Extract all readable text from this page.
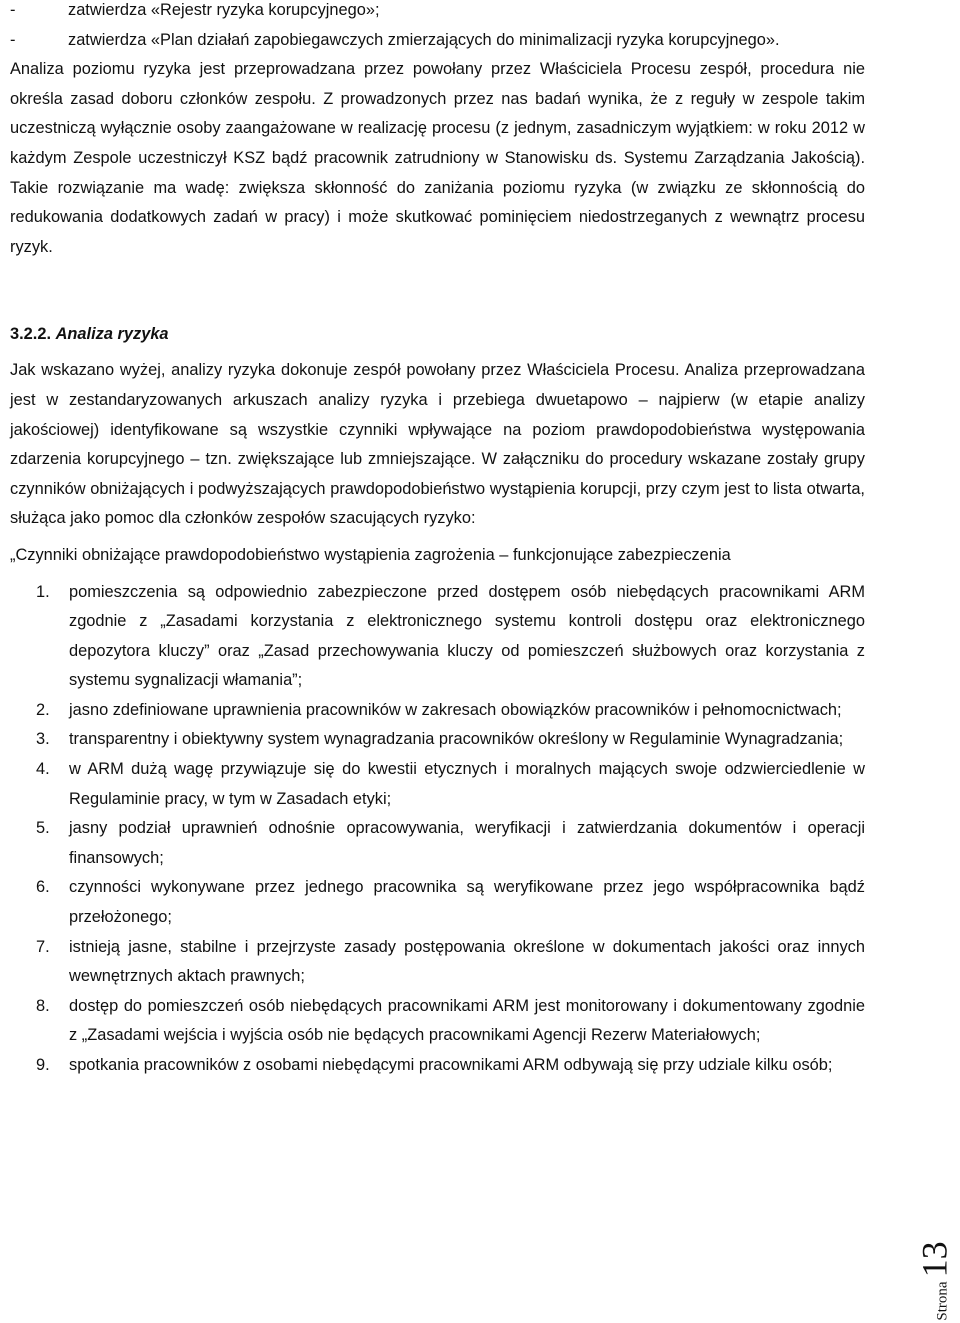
-	zatwierdza «Rejestr ryzyka korupcyjnego»;
-	zatwierdza «Plan działań zapobiegawczych zmierzających do minimalizacji ryzyka korupcyjnego».

Analiza poziomu ryzyka jest przeprowadzana przez powołany przez Właściciela Procesu zespół, procedura nie określa zasad doboru członków zespołu. Z prowadzonych przez nas badań wynika, że z reguły w zespole takim uczestniczą wyłącznie osoby zaangażowane w realizację procesu (z jednym, zasadniczym wyjątkiem: w roku 2012 w każdym Zespole uczestniczył KSZ bądź pracownik zatrudniony w Stanowisku ds. Systemu Zarządzania Jakością). Takie rozwiązanie ma wadę: zwiększa skłonność do zaniżania poziomu ryzyka (w związku ze skłonnością do redukowania dodatkowych zadań w pracy) i może skutkować pominięciem niedostrzeganych z wewnątrz procesu ryzyk.

3.2.2. Analiza ryzyka

Jak wskazano wyżej, analizy ryzyka dokonuje zespół powołany przez Właściciela Procesu. Analiza przeprowadzana jest w zestandaryzowanych arkuszach analizy ryzyka i przebiega dwuetapowo – najpierw (w etapie analizy jakościowej) identyfikowane są wszystkie czynniki wpływające na poziom prawdopodobieństwa występowania zdarzenia korupcyjnego – tzn. zwiększające lub zmniejszające. W załączniku do procedury wskazane zostały grupy czynników obniżających i podwyższających prawdopodobieństwo wystąpienia korupcji, przy czym jest to lista otwarta, służąca jako pomoc dla członków zespołów szacujących ryzyko:

„Czynniki obniżające prawdopodobieństwo wystąpienia zagrożenia – funkcjonujące zabezpieczenia

1. pomieszczenia są odpowiednio zabezpieczone przed dostępem osób niebędących pracownikami ARM zgodnie z „Zasadami korzystania z elektronicznego systemu kontroli dostępu oraz elektronicznego depozytora kluczy” oraz „Zasad przechowywania kluczy od pomieszczeń służbowych oraz korzystania z systemu sygnalizacji włamania”;
2. jasno zdefiniowane uprawnienia pracowników w zakresach obowiązków pracowników i pełnomocnictwach;
3. transparentny i obiektywny system wynagradzania pracowników określony w Regulaminie Wynagradzania;
4. w ARM dużą wagę przywiązuje się do kwestii etycznych i moralnych mających swoje odzwierciedlenie w Regulaminie pracy, w tym w Zasadach etyki;
5. jasny podział uprawnień odnośnie opracowywania, weryfikacji i zatwierdzania dokumentów i operacji finansowych;
6. czynności wykonywane przez jednego pracownika są weryfikowane przez jego współpracownika bądź przełożonego;
7. istnieją jasne, stabilne i przejrzyste zasady postępowania określone w dokumentach jakości oraz innych wewnętrznych aktach prawnych;
8. dostęp do pomieszczeń osób niebędących pracownikami ARM jest monitorowany i dokumentowany zgodnie z „Zasadami wejścia i wyjścia osób nie będących pracownikami Agencji Rezerw Materiałowych;
9. spotkania pracowników z osobami niebędącymi pracownikami ARM odbywają się przy udziale kilku osób;
Strona 13
